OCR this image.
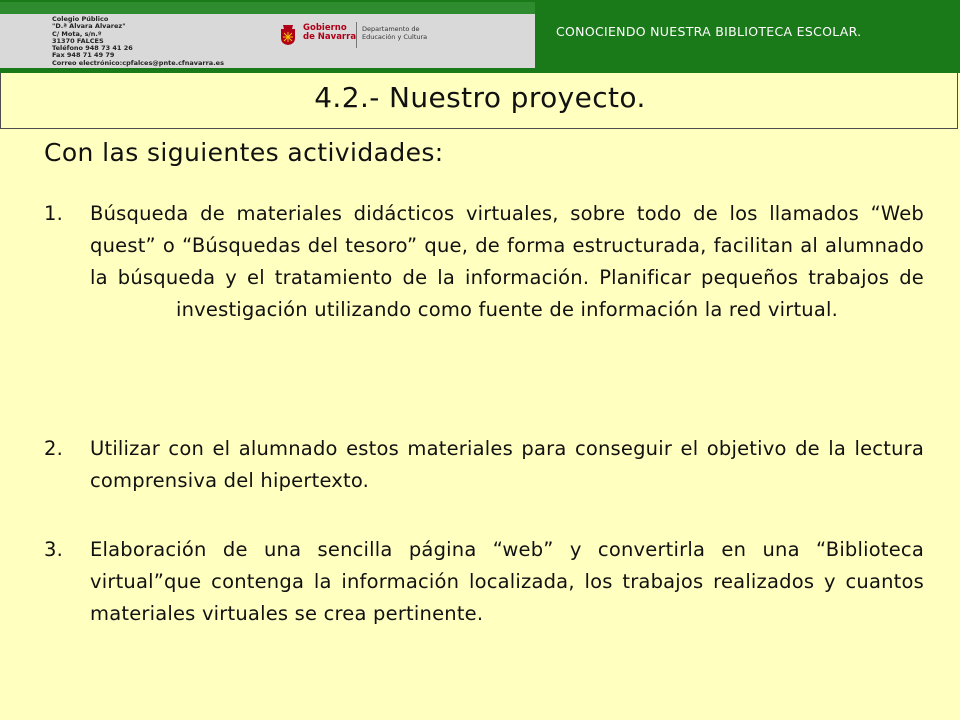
Colegio Público
"D.ª Alvara Alvarez"
C/ Mota, s/n.º
31370 FALCES
Teléfono 948 73 41 26
Fax 948 71 49 79
Correo electrónico:cpfalces@pnte.cfnavarra.es
Gobierno
de Navarra
Departamento de
Educación y Cultura	CONOCIENDO NUESTRA BIBLIOTECA ESCOLAR.
4.2.- Nuestro proyecto.
Con las siguientes actividades:
1.	Búsqueda de materiales didácticos virtuales, sobre todo de los llamados “Web quest” o “Búsquedas del tesoro” que, de forma estructurada, facilitan al alumnado la búsqueda y el tratamiento de la información. Planificar pequeños trabajos de investigación utilizando como fuente de información la red virtual.
2.	Utilizar con el alumnado estos materiales para conseguir el objetivo de la lectura comprensiva del hipertexto.
3.	Elaboración de una sencilla página “web” y convertirla en una “Biblioteca virtual”que contenga la información localizada, los trabajos realizados y cuantos materiales virtuales se crea pertinente.
